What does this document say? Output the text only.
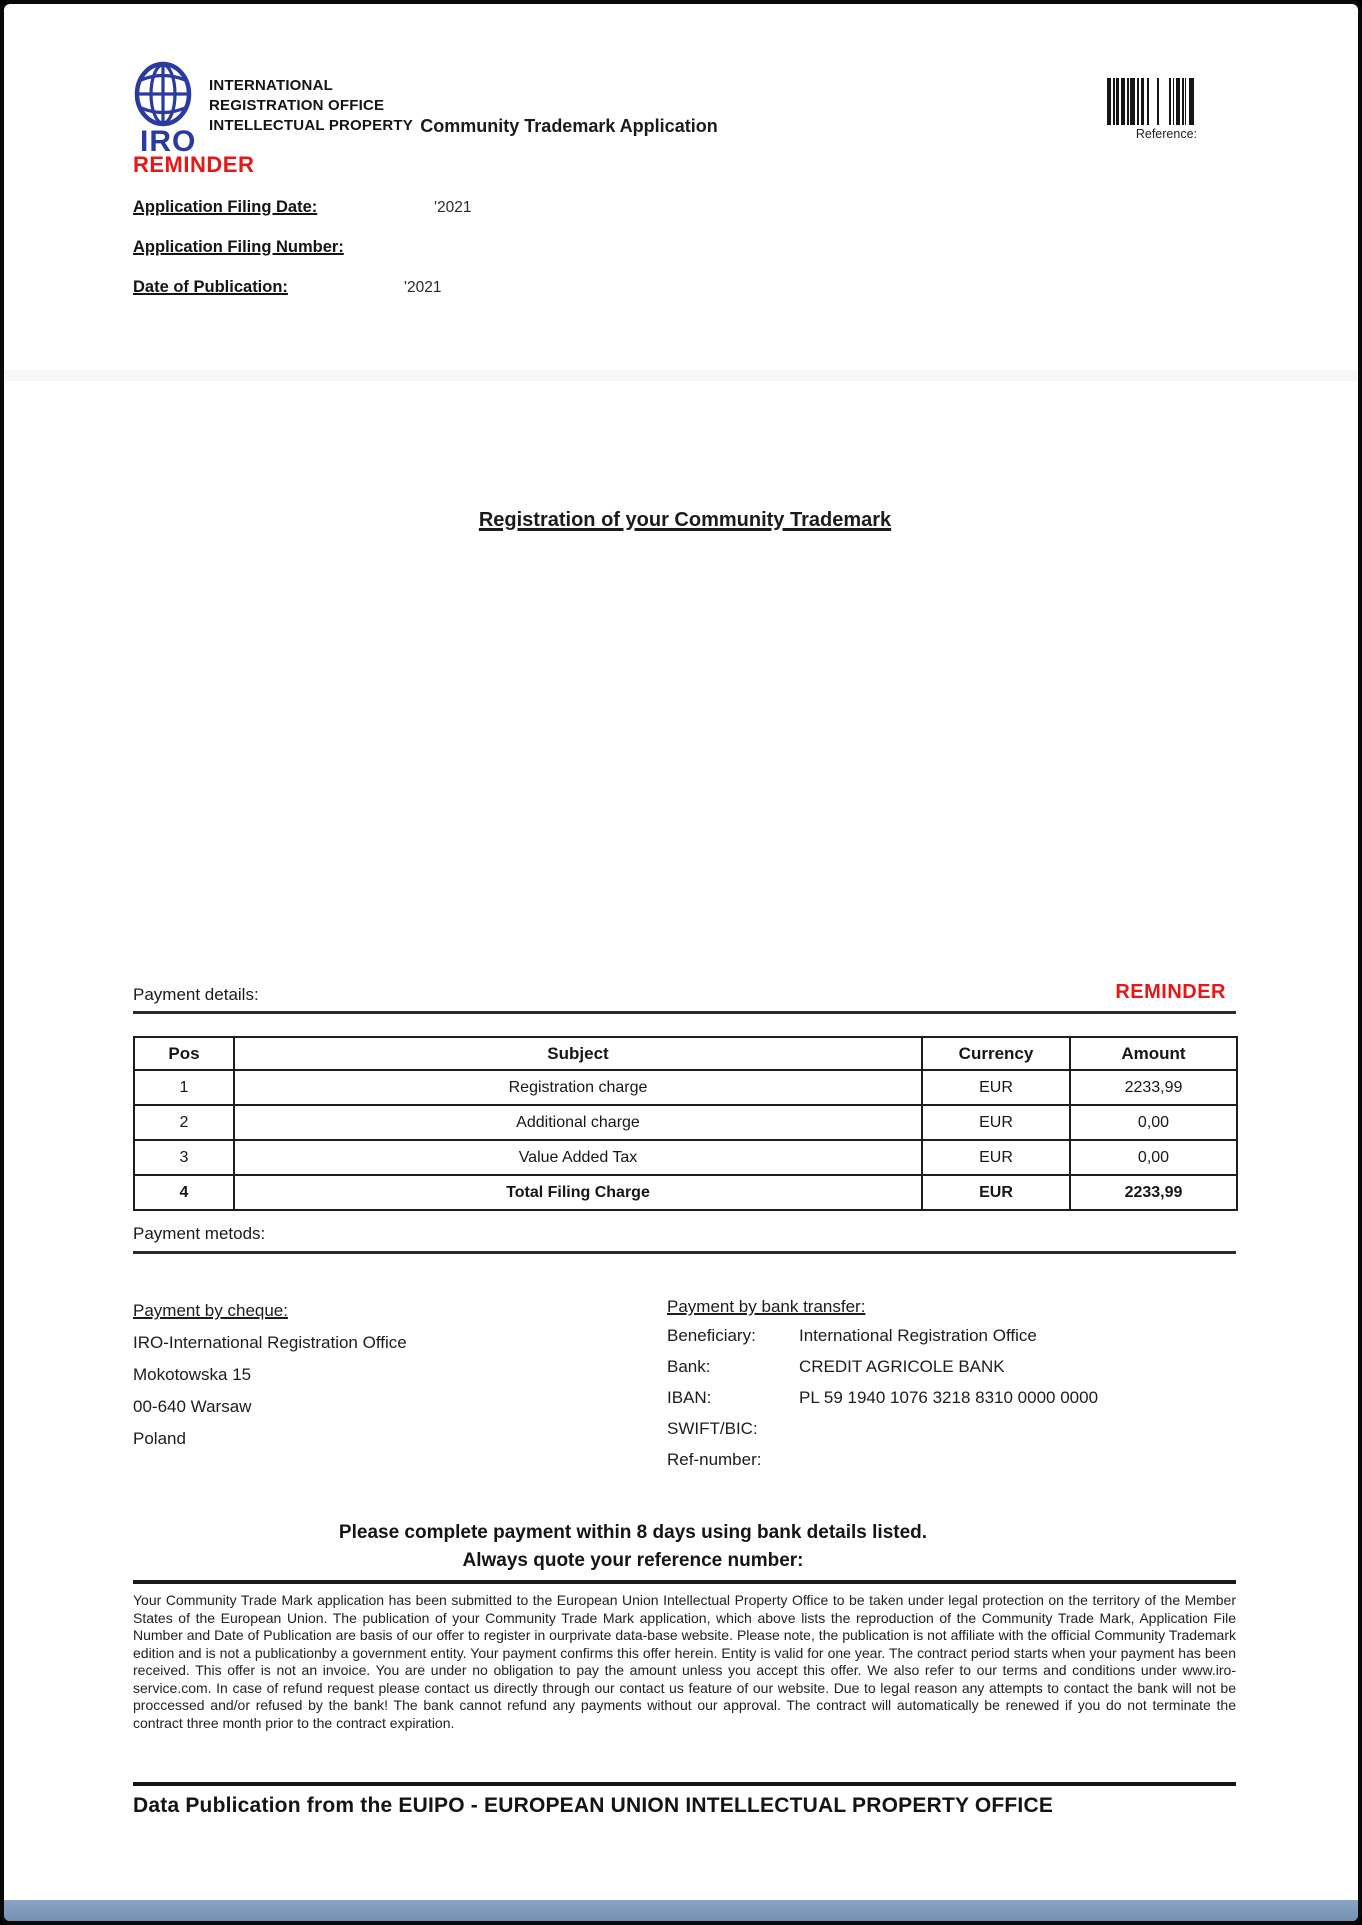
IRO
INTERNATIONAL
REGISTRATION OFFICE
INTELLECTUAL PROPERTY Community Trademark Application	Reference:
REMINDER
Application Filing Date:	'2021
Application Filing Number:
Date of Publication:	'2021
Registration of your Community Trademark
Payment details:	REMINDER
Pos	Subject	Currency	Amount
1	Registration charge	EUR	2233,99
2	Additional charge	EUR	0,00
3	Value Added Tax	EUR	0,00
4	Total Filing Charge	EUR	2233,99
Payment metods:
Payment by cheque:
IRO-International Registration Office
Mokotowska 15
00-640 Warsaw
Poland
Payment by bank transfer:
Beneficiary:	International Registration Office
Bank:	CREDIT AGRICOLE BANK
IBAN:	PL 59 1940 1076 3218 8310 0000 0000
SWIFT/BIC:
Ref-number:
Please complete payment within 8 days using bank details listed.
Always quote your reference number:

Your Community Trade Mark application has been submitted to the European Union Intellectual Property Office to be taken under legal protection on the territory of the Member States of the European Union. The publication of your Community Trade Mark application, which above lists the reproduction of the Community Trade Mark, Application File Number and Date of Publication are basis of our offer to register in ourprivate data-base website. Please note, the publication is not affiliate with the official Community Trademark edition and is not a publicationby a government entity. Your payment confirms this offer herein. Entity is valid for one year. The contract period starts when your payment has been received. This offer is not an invoice. You are under no obligation to pay the amount unless you accept this offer. We also refer to our terms and conditions under www.iro-service.com. In case of refund request please contact us directly through our contact us feature of our website. Due to legal reason any attempts to contact the bank will not be proccessed and/or refused by the bank! The bank cannot refund any payments without our approval. The contract will automatically be renewed if you do not terminate the contract three month prior to the contract expiration.

Data Publication from the EUIPO - EUROPEAN UNION INTELLECTUAL PROPERTY OFFICE
